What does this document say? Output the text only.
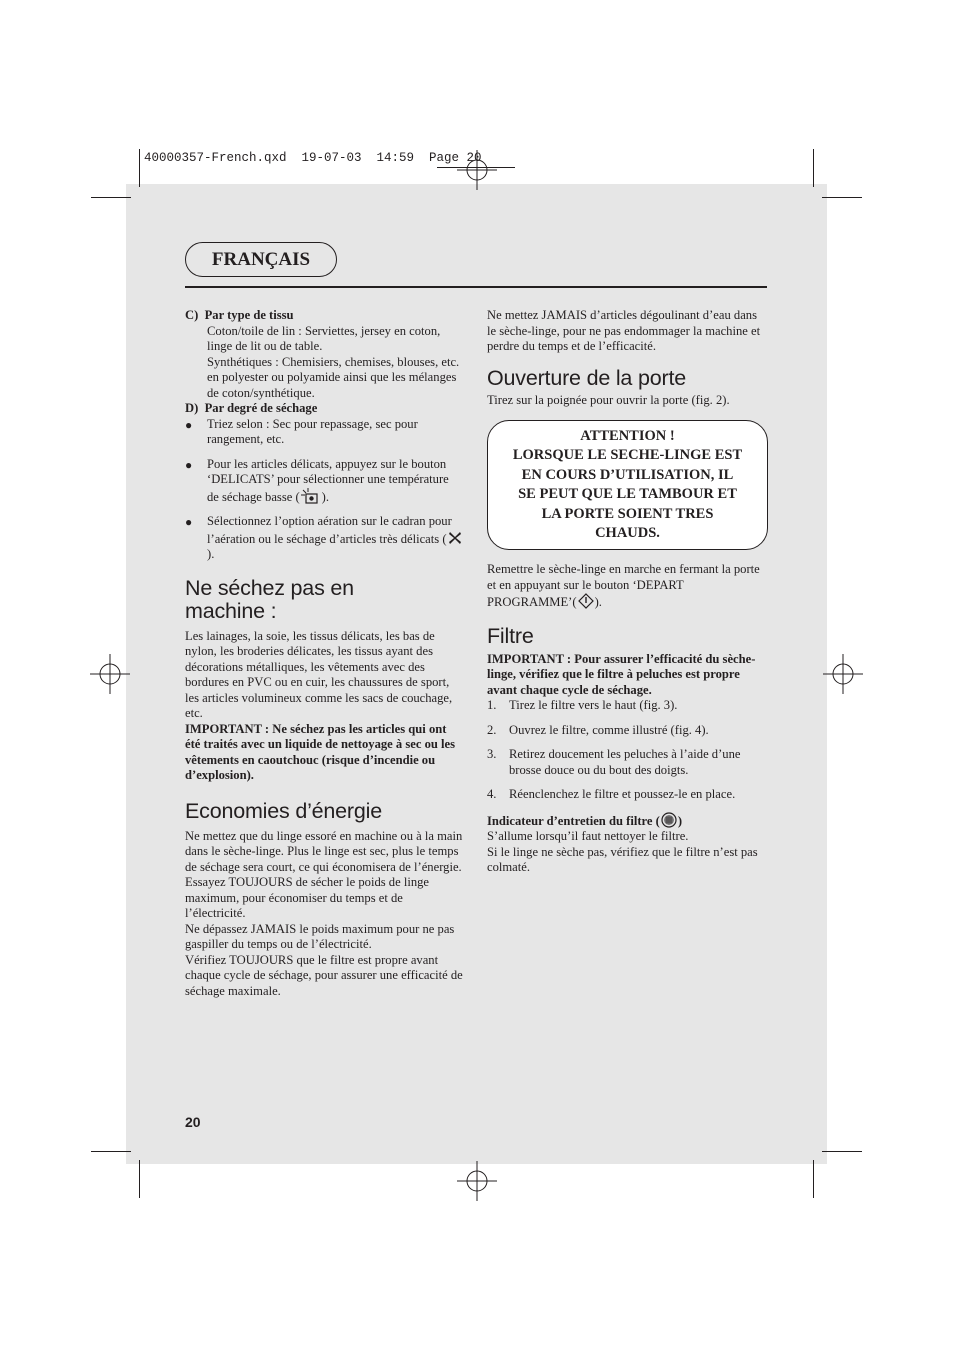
40000357-French.qxd  19-07-03  14:59  Page 20
FRANÇAIS

C)  Par type de tissu

Coton/toile de lin : Serviettes, jersey en coton, linge de lit ou de table.

Synthétiques : Chemisiers, chemises, blouses, etc. en polyester ou polyamide ainsi que les mélanges de coton/synthétique.

D)  Par degré de séchage

● Triez selon : Sec pour repassage, sec pour rangement, etc.
● Pour les articles délicats, appuyez sur le bouton ‘DELICATS’ pour sélectionner une température de séchage basse ( ).
● Sélectionnez l’option aération sur le cadran pour l’aération ou le séchage d’articles très délicats ().
Ne séchez pas en machine :

Les lainages, la soie, les tissus délicats, les bas de nylon, les broderies délicates, les tissus ayant des décorations métalliques, les vêtements avec des bordures en PVC ou en cuir, les chaussures de sport, les articles volumineux comme les sacs de couchage, etc.

IMPORTANT : Ne séchez pas les articles qui ont été traités avec un liquide de nettoyage à sec ou les vêtements en caoutchouc (risque d’incendie ou d’explosion).

Economies d’énergie

Ne mettez que du linge essoré en machine ou à la main dans le sèche-linge. Plus le linge est sec, plus le temps de séchage sera court, ce qui économisera de l’énergie.

Essayez TOUJOURS de sécher le poids de linge maximum, pour économiser du temps et de l’électricité.

Ne dépassez JAMAIS le poids maximum pour ne pas gaspiller du temps ou de l’électricité.

Vérifiez TOUJOURS que le filtre est propre avant chaque cycle de séchage, pour assurer une efficacité de séchage maximale.

Ne mettez JAMAIS d’articles dégoulinant d’eau dans le sèche-linge, pour ne pas endommager la machine et perdre du temps et de l’efficacité.

Ouverture de la porte

Tirez sur la poignée pour ouvrir la porte (fig. 2).

ATTENTION !
LORSQUE LE SECHE-LINGE EST
EN COURS D’UTILISATION, IL
SE PEUT QUE LE TAMBOUR ET
LA PORTE SOIENT TRES
CHAUDS.

Remettre le sèche-linge en marche en fermant la porte et en appuyant sur le bouton ‘DEPART PROGRAMME’( ).

Filtre

IMPORTANT : Pour assurer l’efficacité du sèche-linge, vérifiez que le filtre à peluches est propre avant chaque cycle de séchage.

1. Tirez le filtre vers le haut (fig. 3).
2. Ouvrez le filtre, comme illustré (fig. 4).
3. Retirez doucement les peluches à l’aide d’une brosse douce ou du bout des doigts.
4. Réenclenchez le filtre et poussez-le en place.

Indicateur d’entretien du filtre ( )

S’allume lorsqu’il faut nettoyer le filtre.

Si le linge ne sèche pas, vérifiez que le filtre n’est pas colmaté.

20
